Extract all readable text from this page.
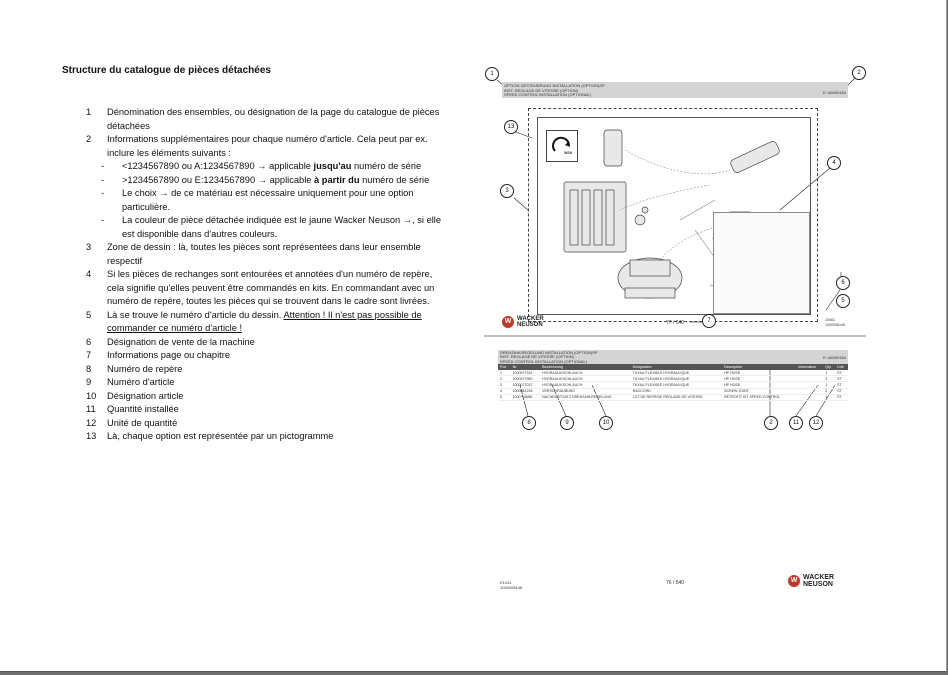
Structure du catalogue de pièces détachées
1	Dénomination des ensembles, ou désignation de la page du catalogue de pièces détachées
2	Informations supplémentaires pour chaque numéro d'article. Cela peut par ex. inclure les éléments suivants :
-	<1234567890 ou A:1234567890 → applicable jusqu'au numéro de série
-	>1234567890 ou E:1234567890 → applicable à partir du numéro de série
-	Le choix → de ce matériau est nécessaire uniquement pour une option particulière.
-	La couleur de pièce détachée indiquée est le jaune Wacker Neuson →, si elle est disponible dans d'autres couleurs.
3	Zone de dessin : là, toutes les pièces sont représentées dans leur ensemble respectif
4	Si les pièces de rechanges sont entourées et annotées d'un numéro de repère, cela signifie qu'elles peuvent être commandés en kits. En commandant avec un numéro de repère, toutes les pièces qui se trouvent dans le cadre sont livrées.
5	Là se trouve le numéro d'article du dessin. Attention ! Il n'est pas possible de commander ce numéro d'article !
6	Désignation de vente de la machine
7	Informations page ou chapitre
8	Numéro de repère
9	Numéro d'article
10	Désignation article
11	Quantité installée
12	Unité de quantité
13	Là, chaque option est représentée par un pictogramme
OPTION GESTEUERUNG INSTALLATION (OPTION)SP
INST. REGLAGE DE VITESSE (OPTION)
SPEED CONTROL INSTALLATION (OPTIONAL)	E: A6000184
WSN
77 / 540	10081
1000008146
W WACKER
NEUSON
DREHZAHLREGELUNG INSTALLATION (OPTION)SP
INST. REGLAGE DE VITESSE (OPTION)
SPEED CONTROL INSTALLATION (OPTIONAL)
E: A6000184
Pos	Nr.	Bezeichnung	Désignation	Description	Information	Qty	Unit
1	1000077331	HYDRAULIKSCHLAUCH	TUYAU FLEXIBLE HYDRAULIQUE	HP HOSE		1	ST
2	1000077960	HYDRAULIKSCHLAUCH	TUYAU FLEXIBLE HYDRAULIQUE	HP HOSE		1	ST
3	1000077037	HYDRAULIKSCHLAUCH	TUYAU FLEXIBLE HYDRAULIQUE	HP HOSE		1	ST
4	1000081226	VERSCHRAUBUNG	RACCORD	SCREW JOINT		2	ST
5	1000 P3686	NACHRUSTSATZ DREHZAHLREGELUNG	LOT DE REPRISE RÉGLAGE DE VITESSE	RETROFIT KIT SPEED CONTROL		1	ST
E1041
1000008146
76 / 540	W WACKER
NEUSON
1	2
3
4
5
6
7
8	9	10	2	11	12
13
